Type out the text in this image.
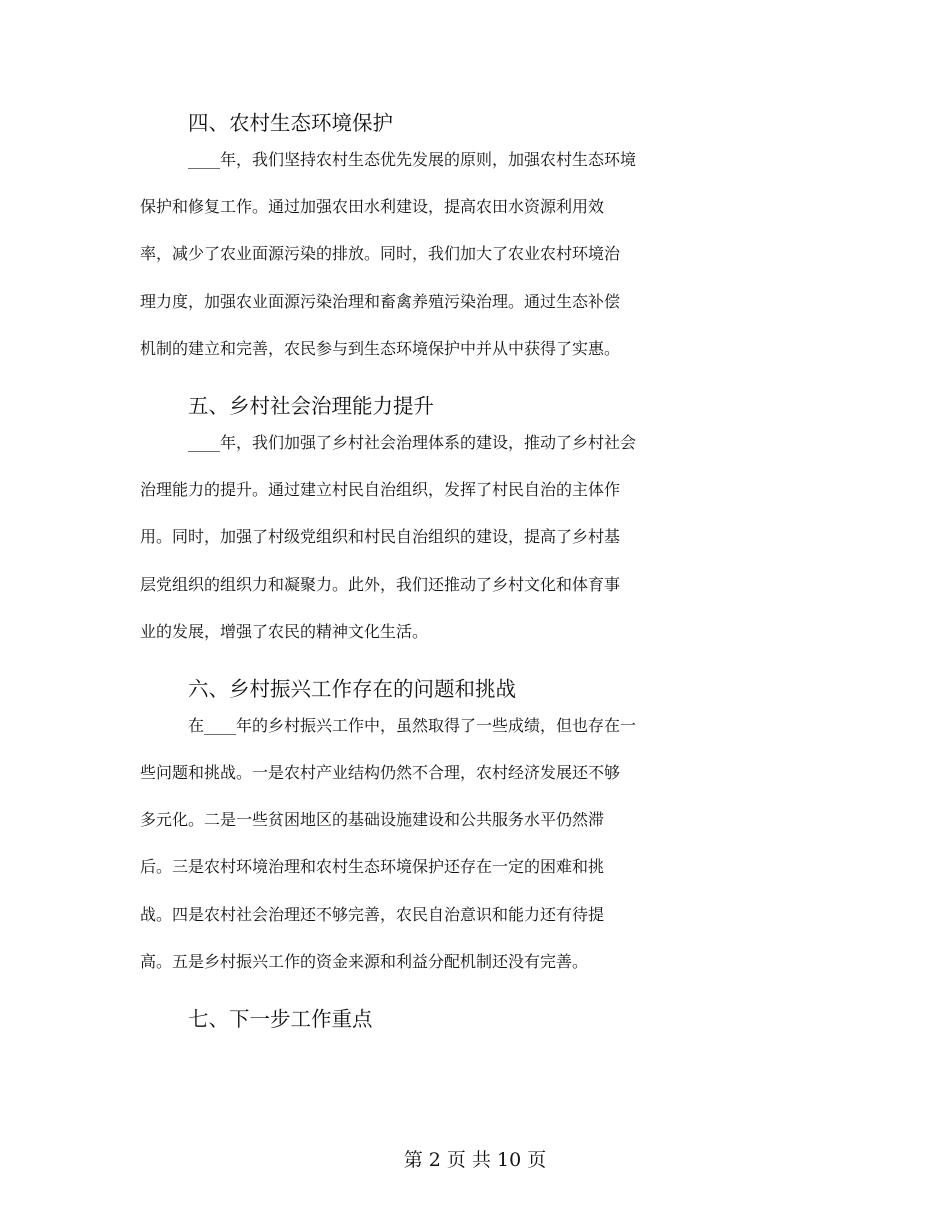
四、农村生态环境保护
____年，我们坚持农村生态优先发展的原则，加强农村生态环境
保护和修复工作。通过加强农田水利建设，提高农田水资源利用效
率，减少了农业面源污染的排放。同时，我们加大了农业农村环境治
理力度，加强农业面源污染治理和畜禽养殖污染治理。通过生态补偿
机制的建立和完善，农民参与到生态环境保护中并从中获得了实惠。
五、乡村社会治理能力提升
____年，我们加强了乡村社会治理体系的建设，推动了乡村社会
治理能力的提升。通过建立村民自治组织，发挥了村民自治的主体作
用。同时，加强了村级党组织和村民自治组织的建设，提高了乡村基
层党组织的组织力和凝聚力。此外，我们还推动了乡村文化和体育事
业的发展，增强了农民的精神文化生活。
六、乡村振兴工作存在的问题和挑战
在____年的乡村振兴工作中，虽然取得了一些成绩，但也存在一
些问题和挑战。一是农村产业结构仍然不合理，农村经济发展还不够
多元化。二是一些贫困地区的基础设施建设和公共服务水平仍然滞
后。三是农村环境治理和农村生态环境保护还存在一定的困难和挑
战。四是农村社会治理还不够完善，农民自治意识和能力还有待提
高。五是乡村振兴工作的资金来源和利益分配机制还没有完善。
七、下一步工作重点
第 2 页 共 10 页
